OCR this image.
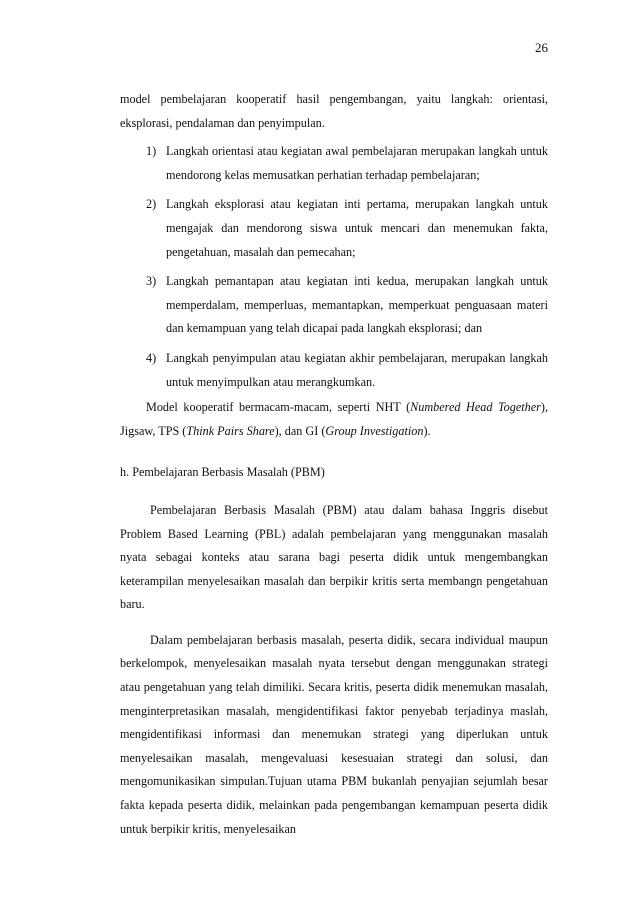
26

model pembelajaran kooperatif hasil pengembangan, yaitu langkah: orientasi, eksplorasi, pendalaman dan penyimpulan.

1) Langkah orientasi atau kegiatan awal pembelajaran merupakan langkah untuk mendorong kelas memusatkan perhatian terhadap pembelajaran;
2) Langkah eksplorasi atau kegiatan inti pertama, merupakan langkah untuk mengajak dan mendorong siswa untuk mencari dan menemukan fakta, pengetahuan, masalah dan pemecahan;
3) Langkah pemantapan atau kegiatan inti kedua, merupakan langkah untuk memperdalam, memperluas, memantapkan, memperkuat penguasaan materi dan kemampuan yang telah dicapai pada langkah eksplorasi; dan
4) Langkah penyimpulan atau kegiatan akhir pembelajaran, merupakan langkah untuk menyimpulkan atau merangkumkan.

Model kooperatif bermacam-macam, seperti NHT (Numbered Head Together), Jigsaw, TPS (Think Pairs Share), dan GI (Group Investigation).

h. Pembelajaran Berbasis Masalah (PBM)

Pembelajaran Berbasis Masalah (PBM) atau dalam bahasa Inggris disebut Problem Based Learning (PBL) adalah pembelajaran yang menggunakan masalah nyata sebagai konteks atau sarana bagi peserta didik untuk mengembangkan keterampilan menyelesaikan masalah dan berpikir kritis serta membangn pengetahuan baru.

Dalam pembelajaran berbasis masalah, peserta didik, secara individual maupun berkelompok, menyelesaikan masalah nyata tersebut dengan menggunakan strategi atau pengetahuan yang telah dimiliki. Secara kritis, peserta didik menemukan masalah, menginterpretasikan masalah, mengidentifikasi faktor penyebab terjadinya maslah, mengidentifikasi informasi dan menemukan strategi yang diperlukan untuk menyelesaikan masalah, mengevaluasi kesesuaian strategi dan solusi, dan mengomunikasikan simpulan.Tujuan utama PBM bukanlah penyajian sejumlah besar fakta kepada peserta didik, melainkan pada pengembangan kemampuan peserta didik untuk berpikir kritis, menyelesaikan
